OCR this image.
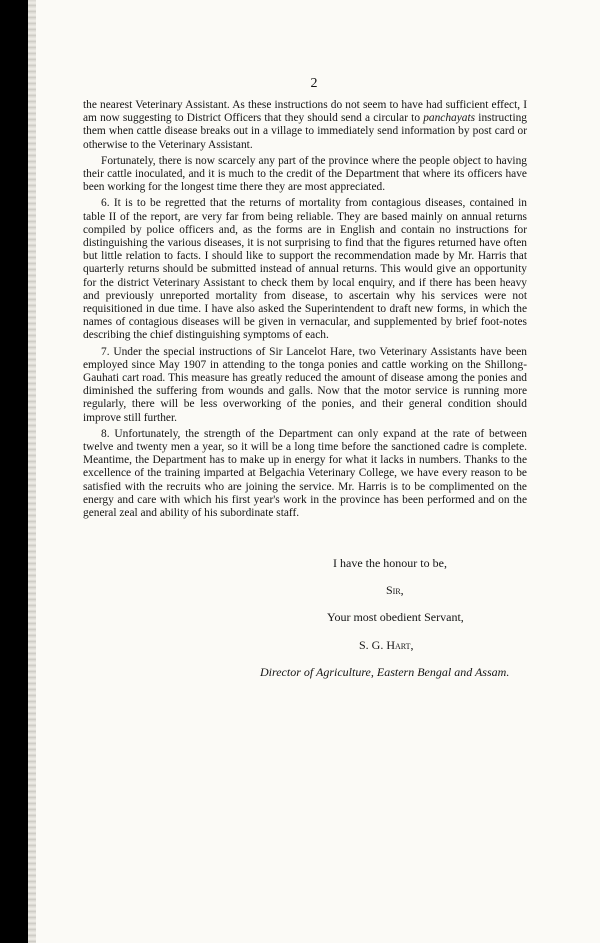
2

the nearest Veterinary Assistant. As these instructions do not seem to have had sufficient effect, I am now suggesting to District Officers that they should send a circular to panchayats instructing them when cattle disease breaks out in a village to immediately send information by post card or otherwise to the Veterinary Assistant.

Fortunately, there is now scarcely any part of the province where the people object to having their cattle inoculated, and it is much to the credit of the Department that where its officers have been working for the longest time there they are most appreciated.

6. It is to be regretted that the returns of mortality from contagious diseases, contained in table II of the report, are very far from being reliable. They are based mainly on annual returns compiled by police officers and, as the forms are in English and contain no instructions for distinguishing the various diseases, it is not surprising to find that the figures returned have often but little relation to facts. I should like to support the recommendation made by Mr. Harris that quarterly returns should be submitted instead of annual returns. This would give an opportunity for the district Veterinary Assistant to check them by local enquiry, and if there has been heavy and previously unreported mortality from disease, to ascertain why his services were not requisitioned in due time. I have also asked the Superintendent to draft new forms, in which the names of contagious diseases will be given in vernacular, and supplemented by brief foot-notes describing the chief distinguishing symptoms of each.

7. Under the special instructions of Sir Lancelot Hare, two Veterinary Assistants have been employed since May 1907 in attending to the tonga ponies and cattle working on the Shillong-Gauhati cart road. This measure has greatly reduced the amount of disease among the ponies and diminished the suffering from wounds and galls. Now that the motor service is running more regularly, there will be less overworking of the ponies, and their general condition should improve still further.

8. Unfortunately, the strength of the Department can only expand at the rate of between twelve and twenty men a year, so it will be a long time before the sanctioned cadre is complete. Meantime, the Department has to make up in energy for what it lacks in numbers. Thanks to the excellence of the training imparted at Belgachia Veterinary College, we have every reason to be satisfied with the recruits who are joining the service. Mr. Harris is to be complimented on the energy and care with which his first year's work in the province has been performed and on the general zeal and ability of his subordinate staff.

I have the honour to be,
Sir,
Your most obedient Servant,
S. G. Hart,
Director of Agriculture, Eastern Bengal and Assam.
